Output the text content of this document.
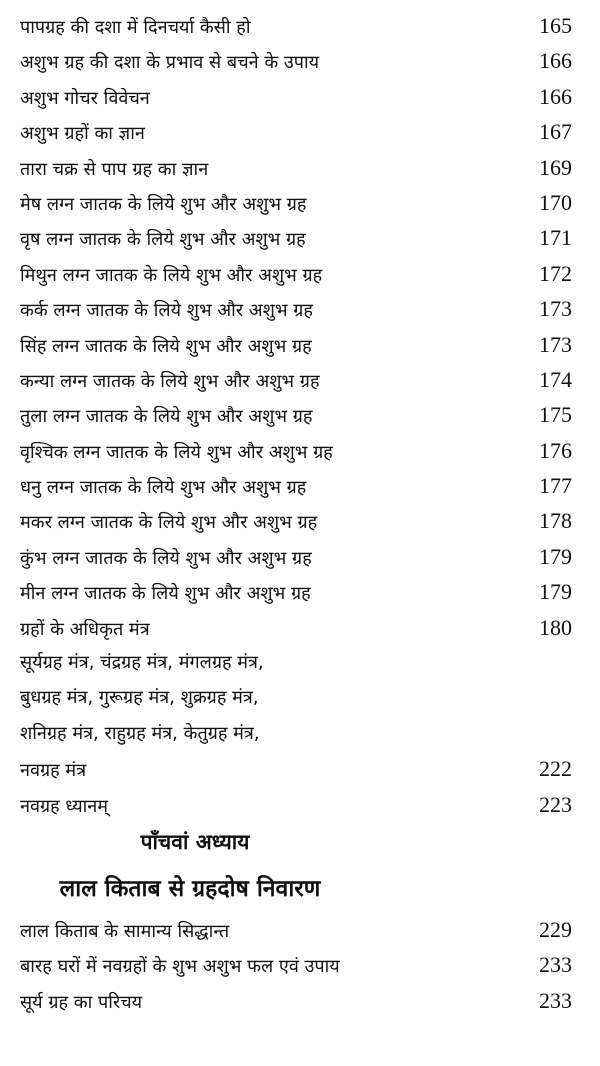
पापग्रह की दशा में दिनचर्या कैसी हो	165
अशुभ ग्रह की दशा के प्रभाव से बचने के उपाय	166
अशुभ गोचर विवेचन	166
अशुभ ग्रहों का ज्ञान	167
तारा चक्र से पाप ग्रह का ज्ञान	169
मेष लग्न जातक के लिये शुभ और अशुभ ग्रह	170
वृष लग्न जातक के लिये शुभ और अशुभ ग्रह	171
मिथुन लग्न जातक के लिये शुभ और अशुभ ग्रह	172
कर्क लग्न जातक के लिये शुभ और अशुभ ग्रह	173
सिंह लग्न जातक के लिये शुभ और अशुभ ग्रह	173
कन्या लग्न जातक के लिये शुभ और अशुभ ग्रह	174
तुला लग्न जातक के लिये शुभ और अशुभ ग्रह	175
वृश्चिक लग्न जातक के लिये शुभ और अशुभ ग्रह	176
धनु लग्न जातक के लिये शुभ और अशुभ ग्रह	177
मकर लग्न जातक के लिये शुभ और अशुभ ग्रह	178
कुंभ लग्न जातक के लिये शुभ और अशुभ ग्रह	179
मीन लग्न जातक के लिये शुभ और अशुभ ग्रह	179
ग्रहों के अधिकृत मंत्र	180
सूर्यग्रह मंत्र, चंद्रग्रह मंत्र, मंगलग्रह मंत्र,
बुधग्रह मंत्र, गुरूग्रह मंत्र, शुक्रग्रह मंत्र,
शनिग्रह मंत्र, राहुग्रह मंत्र, केतुग्रह मंत्र,
नवग्रह मंत्र	222
नवग्रह ध्यानम्	223
पाँचवां अध्याय
लाल किताब से ग्रहदोष निवारण
लाल किताब के सामान्य सिद्धान्त	229
बारह घरों में नवग्रहों के शुभ अशुभ फल एवं उपाय	233
सूर्य ग्रह का परिचय	233
